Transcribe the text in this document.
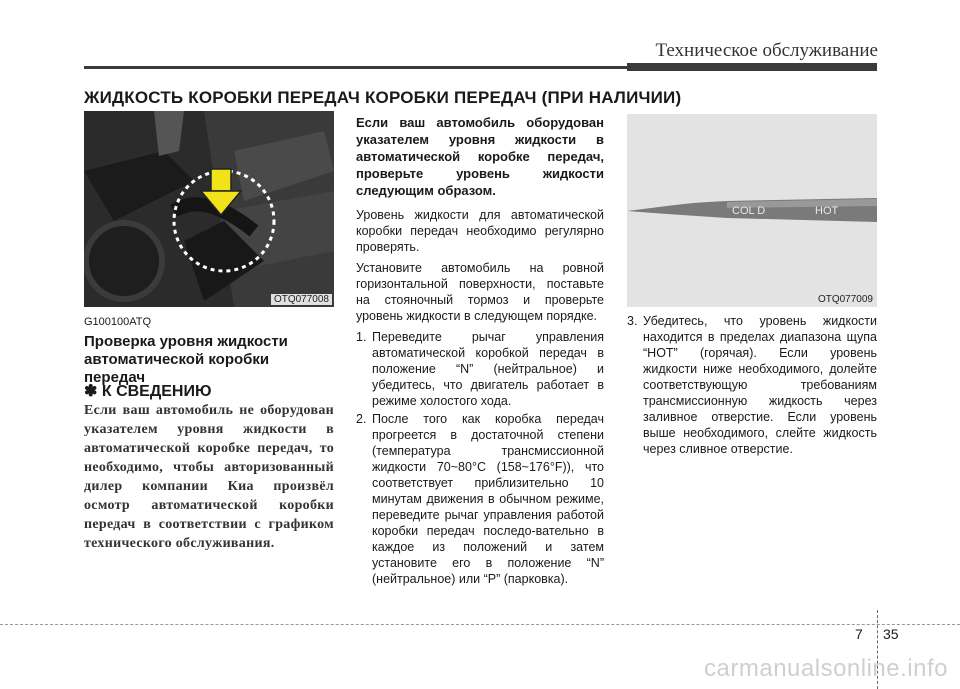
Техническое обслуживание
ЖИДКОСТЬ КОРОБКИ ПЕРЕДАЧ КОРОБКИ ПЕРЕДАЧ (ПРИ НАЛИЧИИ)
OTQ077008
COL D	HOT
OTQ077009
G100100ATQ
Проверка уровня жидкости автоматической коробки передач
✽ К СВЕДЕНИЮ
Если ваш автомобиль не оборудован указателем уровня жидкости в автоматической коробке передач, то необходимо, чтобы авторизованный дилер компании Киа произвёл осмотр автоматической коробки передач в соответствии с графиком технического обслуживания.
Если ваш автомобиль оборудован указателем уровня жидкости в автоматической коробке передач, проверьте уровень жидкости следующим образом.

Уровень жидкости для автоматической коробки передач необходимо регулярно проверять.

Установите автомобиль на ровной горизонтальной поверхности, поставьте на стояночный тормоз и проверьте уровень жидкости в следующем порядке.

1. Переведите рычаг управления автоматической коробкой передач в положение “N” (нейтральное) и убедитесь, что двигатель работает в режиме холостого хода.
2. После того как коробка передач прогреется в достаточной степени (температура трансмиссионной жидкости 70~80°C (158~176°F)), что соответствует приблизительно 10 минутам движения в обычном режиме, переведите рычаг управления работой коробки передач последо-вательно в каждое из положений и затем установите его в положение “N” (нейтральное) или “P” (парковка).
3. Убедитесь, что уровень жидкости находится в пределах диапазона щупа “HOT” (горячая). Если уровень жидкости ниже необходимого, долейте соответствующую требованиям трансмиссионную жидкость через заливное отверстие. Если уровень выше необходимого, слейте жидкость через сливное отверстие.
7 35
carmanualsonline.info
